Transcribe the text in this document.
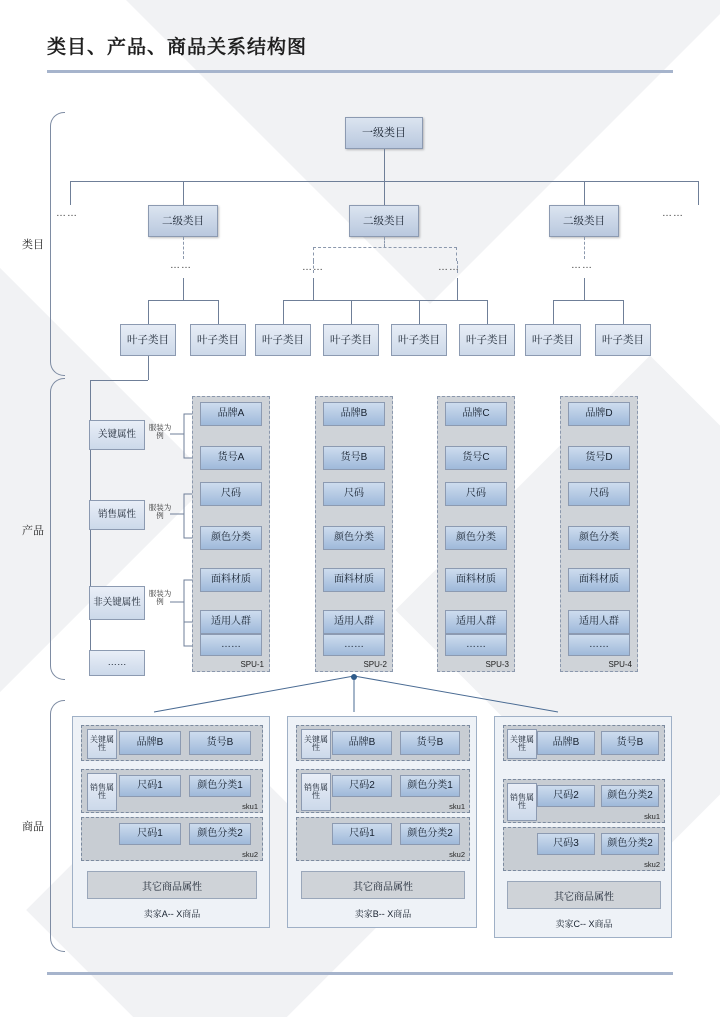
类目、产品、商品关系结构图
类目
产品
商品
一级类目
……	……
二级类目	二级类目	二级类目
……	……	……	……
叶子类目	叶子类目	叶子类目	叶子类目	叶子类目	叶子类目	叶子类目	叶子类目
关键属性
销售属性
非关键属性
……
服装为例
服装为例
服装为例
SPU-1
品牌A
货号A
尺码
颜色分类
面料材质
适用人群
……
SPU-2
品牌B
货号B
尺码
颜色分类
面料材质
适用人群
……
SPU-3
品牌C
货号C
尺码
颜色分类
面料材质
适用人群
……
SPU-4
品牌D
货号D
尺码
颜色分类
面料材质
适用人群
……
关键属性	品牌B	货号B
sku1
销售属性
尺码1	颜色分类1
sku2
尺码1	颜色分类2
其它商品属性
卖家A-- X商品
关键属性	品牌B	货号B
sku1
销售属性
尺码2	颜色分类1
sku2
尺码1	颜色分类2
其它商品属性
卖家B-- X商品
关键属性	品牌B	货号B
sku1
销售属性
尺码2	颜色分类2
sku2
尺码3	颜色分类2
其它商品属性
卖家C-- X商品
